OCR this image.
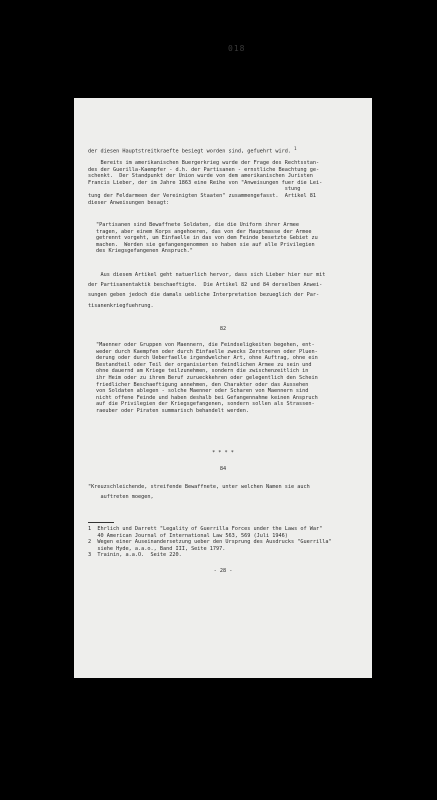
018

der diesen Hauptstreitkraefte besiegt worden sind, gefuehrt wird. $^1$

Bereits im amerikanischen Buergerkrieg wurde der Frage des Rechtsstan-
des der Guerilla-Kaempfer - d.h. der Partisanen - ernstliche Beachtung ge-
schenkt.  Der Standpunkt der Union wurde von dem amerikanischen Juristen
Francis Lieber, der im Jahre 1863 eine Reihe von "Anweisungen fuer die Lei-
stung
tung der Feldarmeen der Vereinigten Staaten" zusammengefasst.  Artikel 81
dieser Anweisungen besagt:

"Partisanen sind Bewaffnete Soldaten, die die Uniform ihrer Armee
tragen, aber einem Korps angehoeren, das von der Hauptmasse der Armee
getrennt vorgeht, um Einfaelle in das von dem Feinde besetzte Gebiet zu
machen.  Werden sie gefangengenommen so haben sie auf alle Privilegien
des Kriegsgefangenen Anspruch."

Aus diesem Artikel geht natuerlich hervor, dass sich Lieber hier nur mit
der Partisanentaktik beschaeftigte.  Die Artikel 82 und 84 derselben Anwei-
sungen geben jedoch die damals uebliche Interpretation bezueglich der Par-
tisanenkriegfuehrung.

82

"Maenner oder Gruppen von Maennern, die Feindseligkeiten begehen, ent-
weder durch Kaempfen oder durch Einfaelle zwecks Zerstoeren oder Pluen-
derung oder durch Ueberfaelle irgendwelcher Art, ohne Auftrag, ohne ein
Bestandteil oder Teil der organisierten feindlichen Armee zu sein und
ohne dauernd am Kriege teilzunehmen, sondern die zwischenzeitlich in
ihr Heim oder zu ihrem Beruf zurueckkehren oder gelegentlich den Schein
friedlicher Beschaeftigung annehmen, den Charakter oder das Aussehen
von Soldaten ablegen - solche Maenner oder Scharen von Maennern sind
nicht offene Feinde und haben deshalb bei Gefangennahme keinen Anspruch
auf die Privilegien der Kriegsgefangenen, sondern sollen als Strassen-
raeuber oder Piraten summarisch behandelt werden.

* * * *

84

"Kreuzschleichende, streifende Bewaffnete, unter welchen Namen sie auch
auftreten moegen,

1  Ehrlich und Darrett "Legality of Guerrilla Forces under the Laws of War"
40 American Journal of International Law 563, 569 (Juli 1946)
2  Wegen einer Auseinandersetzung ueber den Ursprung des Ausdrucks "Guerrilla"
siehe Hyde, a.a.o., Band III, Seite 1797.
3  Trainin, a.a.O.  Seite 220.

- 28 -
